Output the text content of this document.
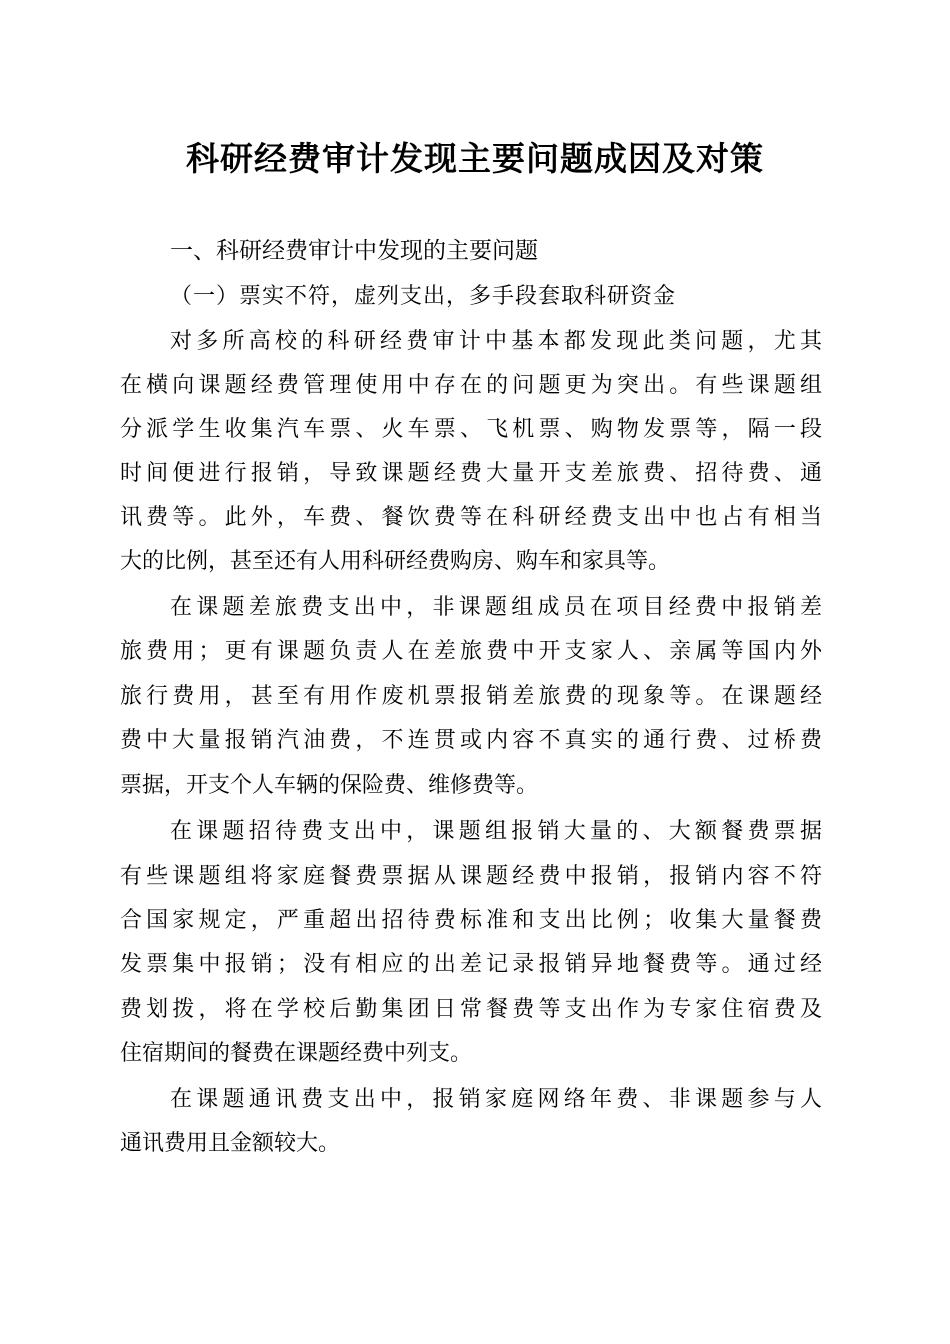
科研经费审计发现主要问题成因及对策
一、科研经费审计中发现的主要问题
（一）票实不符，虚列支出，多手段套取科研资金
对多所高校的科研经费审计中基本都发现此类问题，尤其
在横向课题经费管理使用中存在的问题更为突出。有些课题组
分派学生收集汽车票、火车票、飞机票、购物发票等，隔一段
时间便进行报销，导致课题经费大量开支差旅费、招待费、通
讯费等。此外，车费、餐饮费等在科研经费支出中也占有相当
大的比例，甚至还有人用科研经费购房、购车和家具等。
在课题差旅费支出中，非课题组成员在项目经费中报销差
旅费用；更有课题负责人在差旅费中开支家人、亲属等国内外
旅行费用，甚至有用作废机票报销差旅费的现象等。在课题经
费中大量报销汽油费，不连贯或内容不真实的通行费、过桥费
票据，开支个人车辆的保险费、维修费等。
在课题招待费支出中，课题组报销大量的、大额餐费票据
有些课题组将家庭餐费票据从课题经费中报销，报销内容不符
合国家规定，严重超出招待费标准和支出比例；收集大量餐费
发票集中报销；没有相应的出差记录报销异地餐费等。通过经
费划拨，将在学校后勤集团日常餐费等支出作为专家住宿费及
住宿期间的餐费在课题经费中列支。
在课题通讯费支出中，报销家庭网络年费、非课题参与人
通讯费用且金额较大。
